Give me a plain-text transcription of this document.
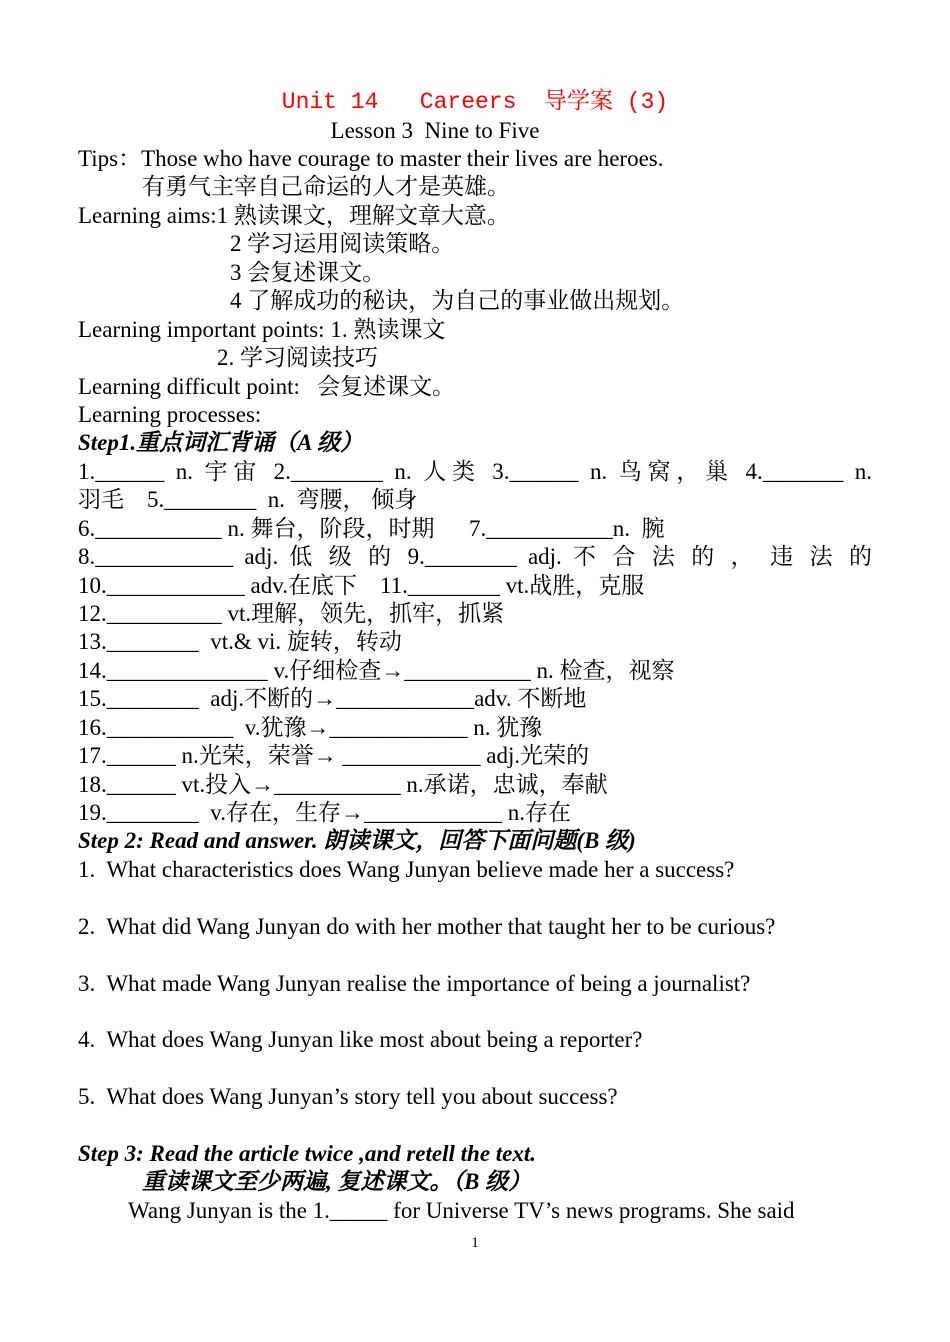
Unit 14   Careers  导学案 (3)

Lesson 3  Nine to Five

Tips：Those who have courage to master their lives are heroes.

有勇气主宰自己命运的人才是英雄。

Learning aims:1 熟读课文，理解文章大意。

2 学习运用阅读策略。

3 会复述课文。

4 了解成功的秘诀，为自己的事业做出规划。

Learning important points: 1. 熟读课文

2. 学习阅读技巧

Learning difficult point:   会复述课文。

Learning processes:

Step1.重点词汇背诵（A 级）

1.______ n. 宇宙 2.________ n. 人类 3.______ n. 鸟窝，巢 4._______ n.

羽毛    5.________  n.  弯腰， 倾身

6.___________ n. 舞台，阶段，时期      7.___________n.  腕

8.____________ adj. 低 级 的 9.________ adj. 不 合 法 的 ， 违 法 的

10.____________ adv.在底下    11.________ vt.战胜，克服

12.__________ vt.理解，领先，抓牢，抓紧

13.________  vt.& vi. 旋转，转动

14.______________ v.仔细检查→___________ n. 检查，视察

15.________  adj.不断的→____________adv. 不断地

16.___________  v.犹豫→____________ n. 犹豫

17.______ n.光荣，荣誉→ ____________ adj.光荣的

18.______ vt.投入→___________ n.承诺，忠诚，奉献

19.________  v.存在，生存→____________ n.存在

Step 2: Read and answer. 朗读课文，回答下面问题(B 级)

1.  What characteristics does Wang Junyan believe made her a success?

2.  What did Wang Junyan do with her mother that taught her to be curious?

3.  What made Wang Junyan realise the importance of being a journalist?

4.  What does Wang Junyan like most about being a reporter?

5.  What does Wang Junyan’s story tell you about success?

Step 3: Read the article twice ,and retell the text.

重读课文至少两遍, 复述课文。（B 级）

Wang Junyan is the 1._____ for Universe TV’s news programs. She said

1
